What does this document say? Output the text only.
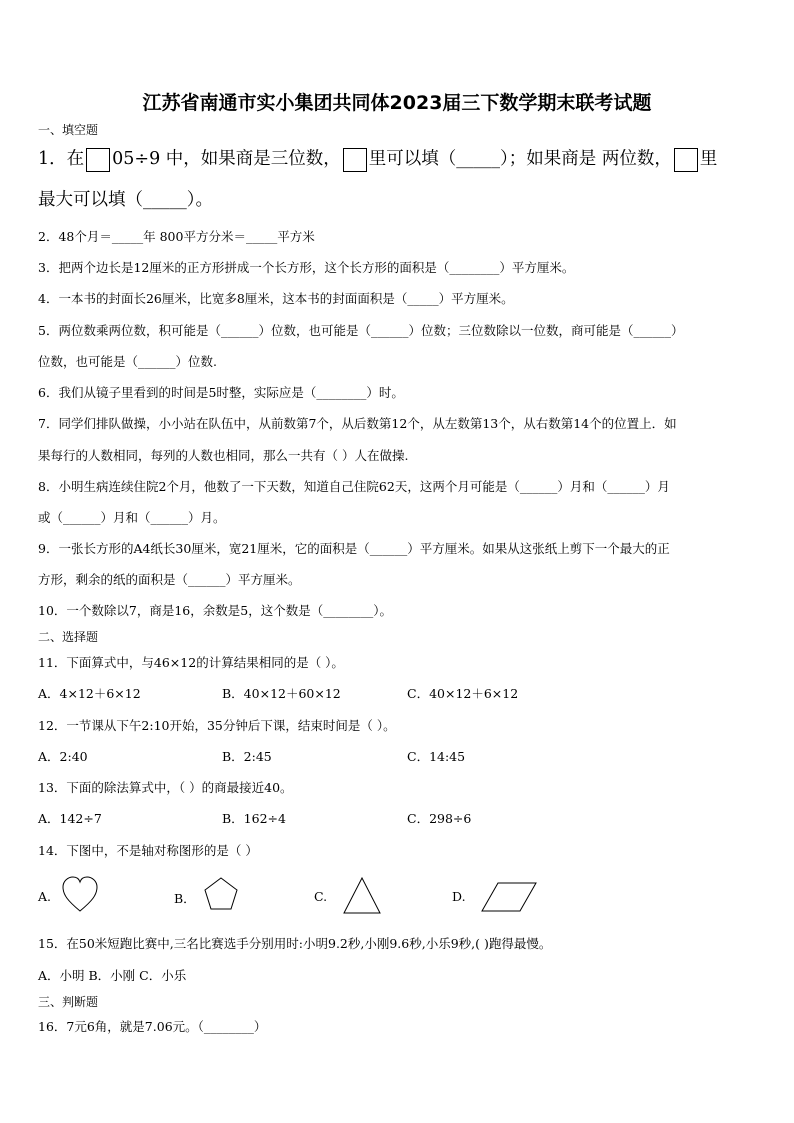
江苏省南通市实小集团共同体2023届三下数学期末联考试题
一、填空题
1．在 05÷9 中，如果商是三位数， 里可以填（_____）；如果商是 两位数， 里
最大可以填（_____）。
2．48个月＝_____年 800平方分米＝_____平方米
3．把两个边长是12厘米的正方形拼成一个长方形，这个长方形的面积是（________）平方厘米。
4．一本书的封面长26厘米，比宽多8厘米，这本书的封面面积是（_____）平方厘米。
5．两位数乘两位数，积可能是（______）位数，也可能是（______）位数；三位数除以一位数，商可能是（______）
位数，也可能是（______）位数.
6．我们从镜子里看到的时间是5时整，实际应是（________）时。
7．同学们排队做操，小小站在队伍中，从前数第7个，从后数第12个，从左数第13个，从右数第14个的位置上．如
果每行的人数相同，每列的人数也相同，那么一共有（ ）人在做操.
8．小明生病连续住院2个月，他数了一下天数，知道自己住院62天，这两个月可能是（______）月和（______）月
或（______）月和（______）月。
9．一张长方形的A4纸长30厘米，宽21厘米，它的面积是（______）平方厘米。如果从这张纸上剪下一个最大的正
方形，剩余的纸的面积是（______）平方厘米。
10．一个数除以7，商是16，余数是5，这个数是（________）。
二、选择题
11．下面算式中，与46×12的计算结果相同的是（ ）。
A．4×12＋6×12	B．40×12＋60×12	C．40×12＋6×12
12．一节课从下午2:10开始，35分钟后下课，结束时间是（ ）。
A．2:40	B．2:45	C．14:45
13．下面的除法算式中，（ ）的商最接近40。
A．142÷7	B．162÷4	C．298÷6
14．下图中，不是轴对称图形的是（ ）
A.	B．	C.	D.
15．在50米短跑比赛中,三名比赛选手分别用时:小明9.2秒,小刚9.6秒,小乐9秒,( )跑得最慢。
A．小明 B．小刚 C．小乐
三、判断题
16．7元6角，就是7.06元。（________）
